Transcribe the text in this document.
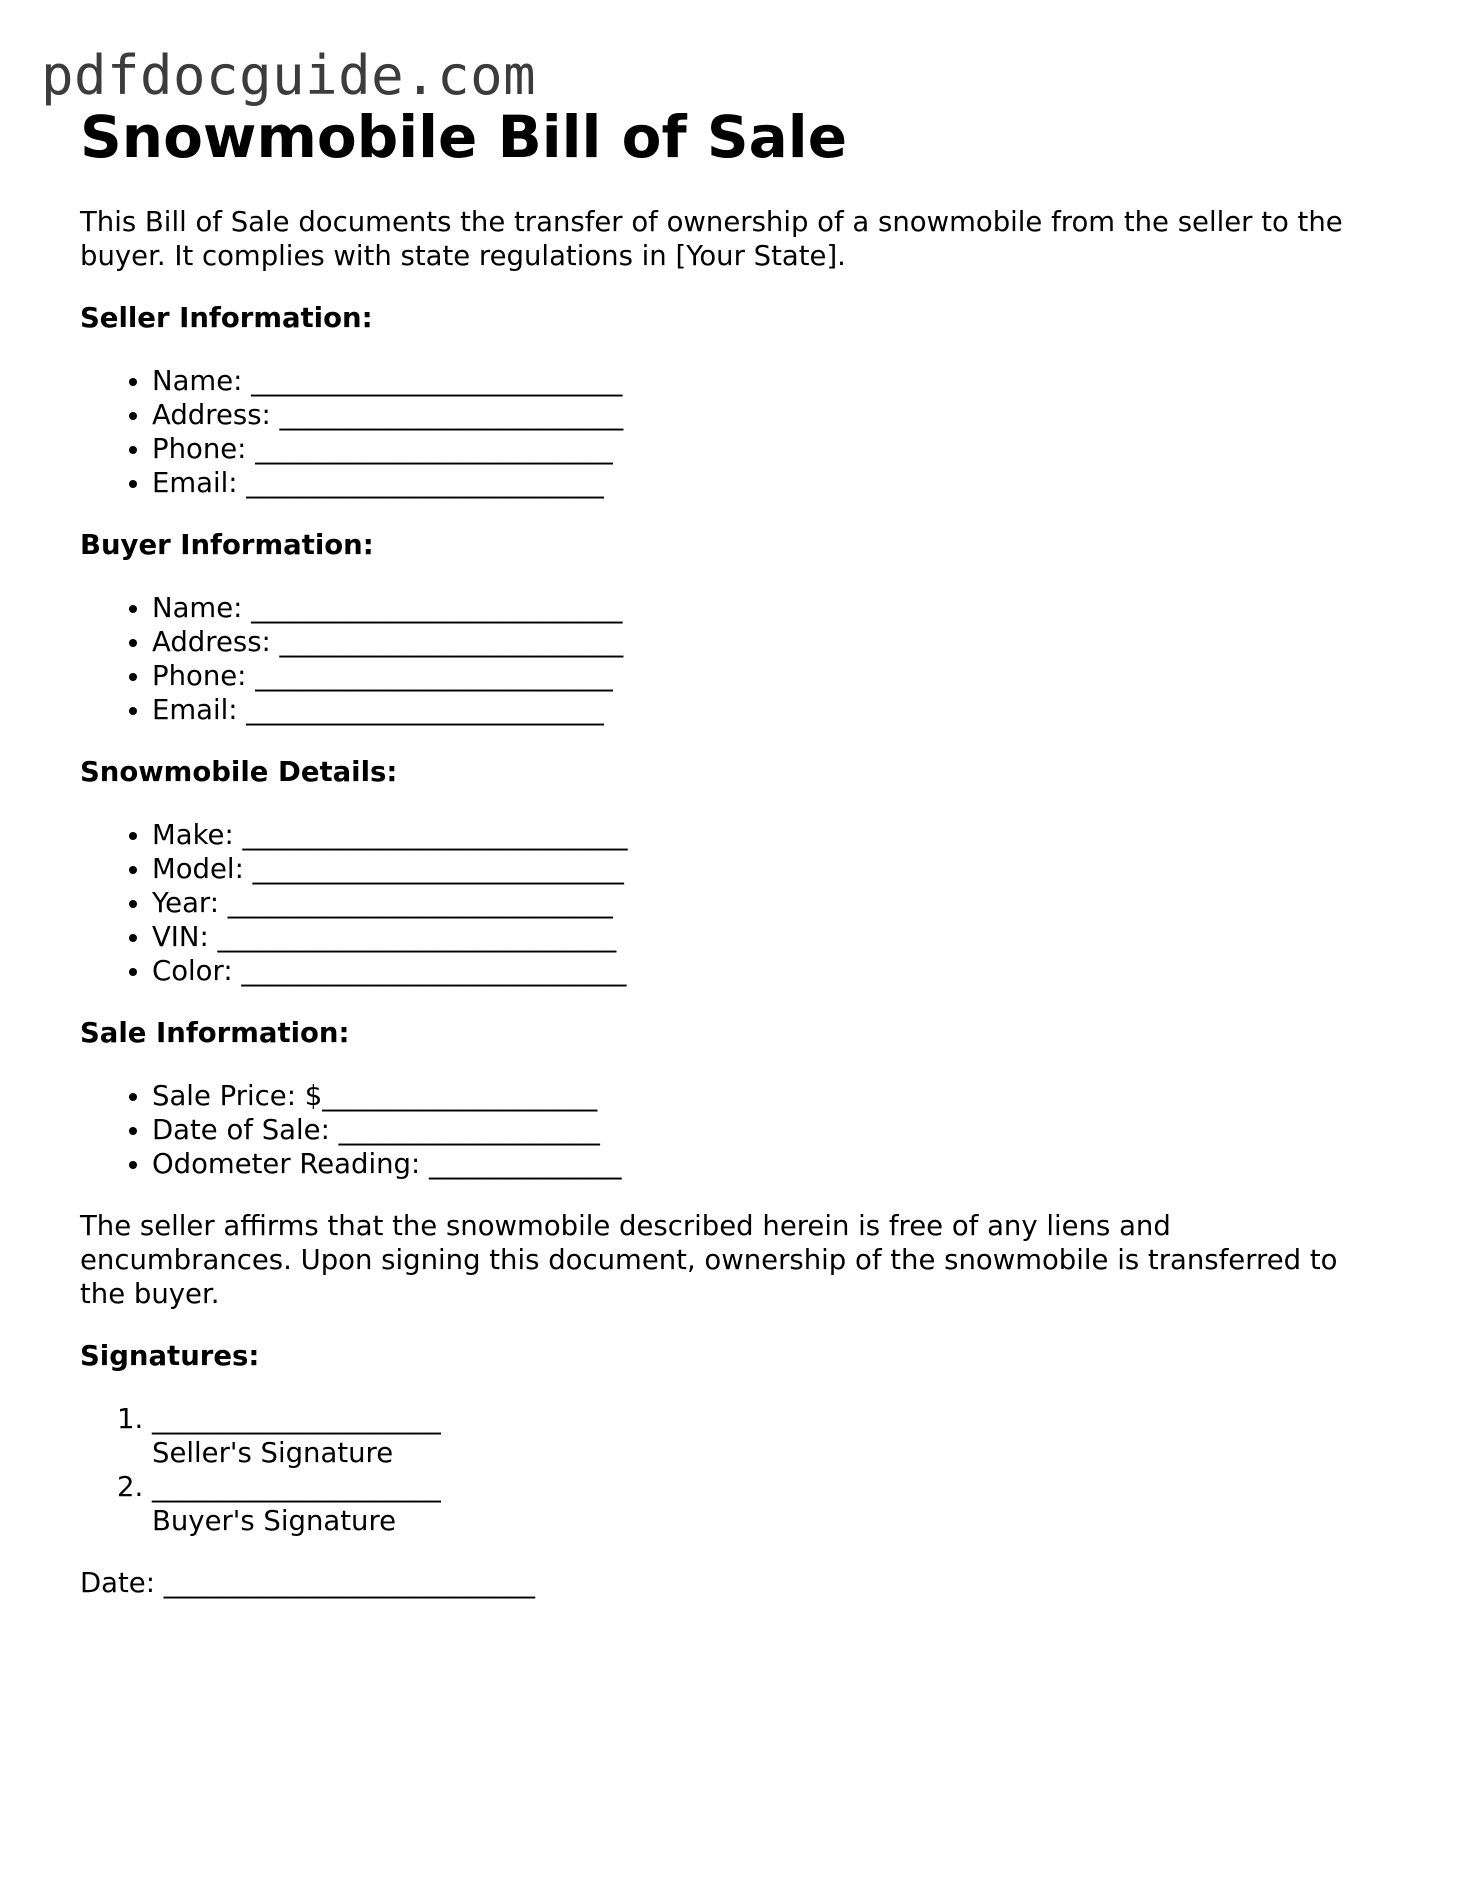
pdfdocguide.com
Snowmobile Bill of Sale

This Bill of Sale documents the transfer of ownership of a snowmobile from the seller to the buyer. It complies with state regulations in [Your State].

Seller Information:
• Name: ___________________________
• Address: _________________________
• Phone: __________________________
• Email: __________________________
Buyer Information:
• Name: ___________________________
• Address: _________________________
• Phone: __________________________
• Email: __________________________
Snowmobile Details:
• Make: ____________________________
• Model: ___________________________
• Year: ____________________________
• VIN: _____________________________
• Color: ____________________________
Sale Information:
• Sale Price: $____________________
• Date of Sale: ___________________
• Odometer Reading: ______________

The seller affirms that the snowmobile described herein is free of any liens and encumbrances. Upon signing this document, ownership of the snowmobile is transferred to the buyer.

Signatures:
1. _____________________
Seller's Signature
2. _____________________
Buyer's Signature

Date: ___________________________
